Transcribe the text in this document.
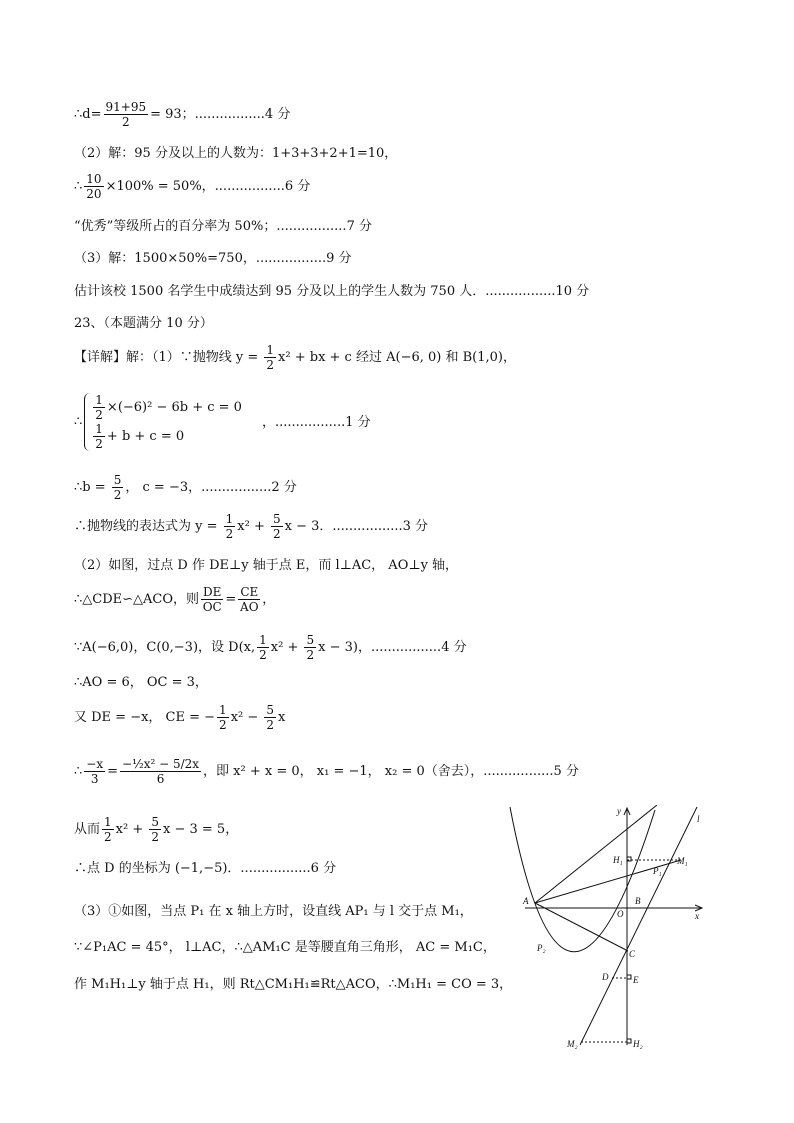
∴d= $\frac{91+95}{2} = 93$；.................4 分
（2）解：95 分及以上的人数为：1+3+3+2+1=10，
∴ $\frac{10}{20} \times 100\% = 50\%$，.................6 分
“优秀”等级所占的百分率为 50%；.................7 分
（3）解：1500×50%=750，.................9 分
估计该校 1500 名学生中成绩达到 95 分及以上的学生人数为 750 人．.................10 分
23、（本题满分 10 分）
【详解】解：（1）∵抛物线 $y = \frac{1}{2} x^2$ + bx + c 经过 A(−6, 0) 和 B(1,0)，
∴ $\frac{1}{2} \times(-6)^2 - 6b + c = 0$
$\frac{1}{2} + b + c = 0$
，.................1 分
∴b = $\frac{5}{2}$ ， c = −3，.................2 分
∴抛物线的表达式为 $y = \frac{1}{2} x^2 + \frac{5}{2}$ x − 3．.................3 分
（2）如图，过点 D 作 DE⊥y 轴于点 E，而 l⊥AC， AO⊥y 轴，
∴△CDE∽△ACO，则 $\frac{DE}{OC} = \frac{CE}{AO}$ ，
∵A(−6,0)，C(0,−3)，设 D(x, $\frac{1}{2} x^2 + \frac{5}{2}$ x − 3)，.................4 分
∴AO = 6， OC = 3，
又 DE = −x， CE = − $\frac{1}{2} x^2 - \frac{5}{2}$ x
∴ $\frac{-x}{3} = \frac{\text{−½x² − 5/2x}}{6}$ ，即 x² + x = 0， x₁ = −1， x₂ = 0（舍去），.................5 分
从而 $\frac{1}{2} x^2 + \frac{5}{2}$ x − 3 = 5，
∴点 D 的坐标为 (−1,−5)．.................6 分
（3）①如图，当点 P₁ 在 x 轴上方时，设直线 AP₁ 与 l 交于点 M₁，
∵∠P₁AC = 45°， l⊥AC，∴△AM₁C 是等腰直角三角形， AC = M₁C，
作 M₁H₁⊥y 轴于点 H₁，则 Rt△CM₁H₁≌Rt△ACO，∴M₁H₁ = CO = 3，
y
l
x
H₁	M₁
P₁
A
O
B
P₂
C
D	E
M₂	H₂
